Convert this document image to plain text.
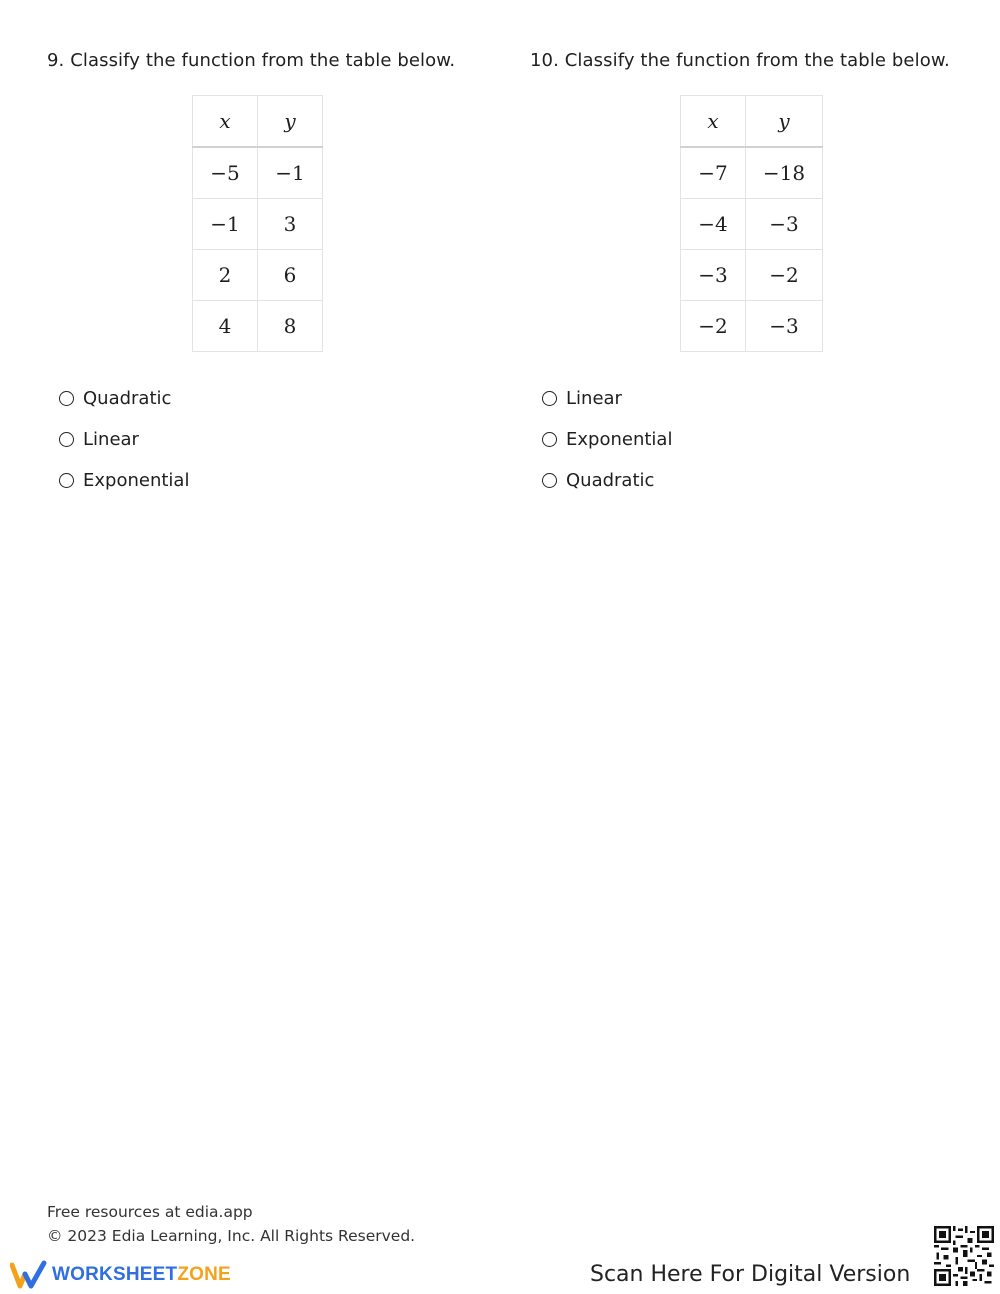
9. Classify the function from the table below.
x	y
−5	−1
−1	3
2	6
4	8
Quadratic
Linear
Exponential
10. Classify the function from the table below.
x	y
−7	−18
−4	−3
−3	−2
−2	−3
Linear
Exponential
Quadratic
Free resources at edia.app
© 2023 Edia Learning, Inc. All Rights Reserved.
WORKSHEETZONE	Scan Here For Digital Version
